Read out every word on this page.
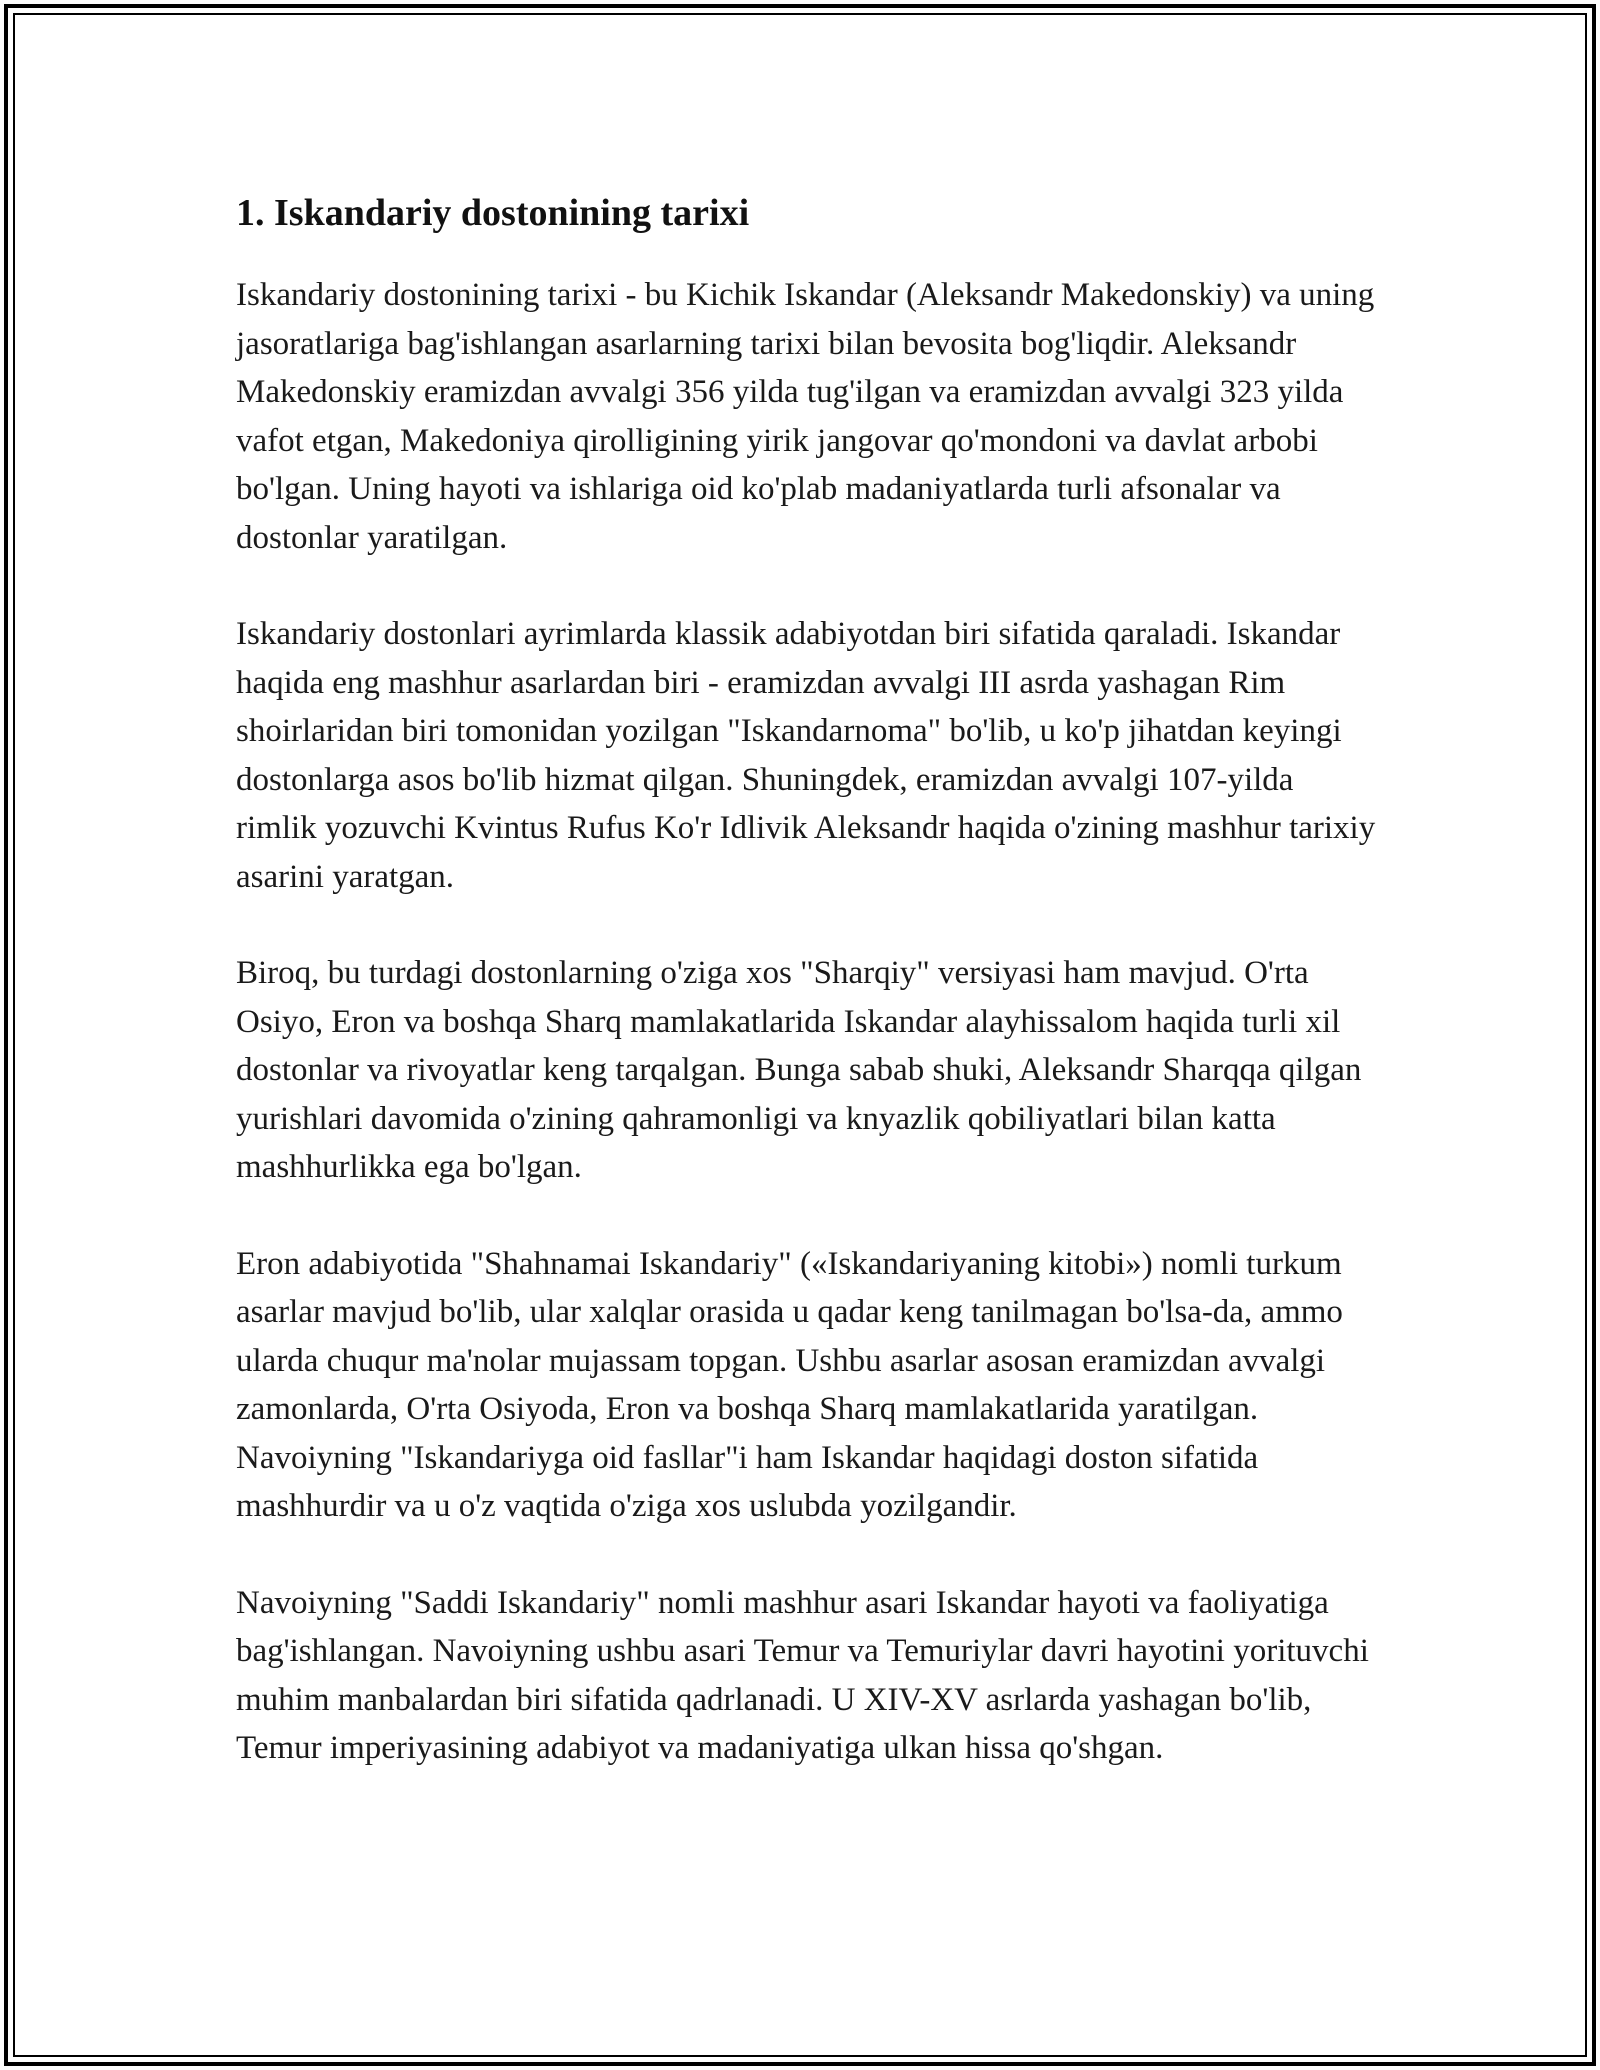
1. Iskandariy dostonining tarixi

Iskandariy dostonining tarixi - bu Kichik Iskandar (Aleksandr Makedonskiy) va uning jasoratlariga bag'ishlangan asarlarning tarixi bilan bevosita bog'liqdir. Aleksandr Makedonskiy eramizdan avvalgi 356 yilda tug'ilgan va eramizdan avvalgi 323 yilda vafot etgan, Makedoniya qirolligining yirik jangovar qo'mondoni va davlat arbobi bo'lgan. Uning hayoti va ishlariga oid ko'plab madaniyatlarda turli afsonalar va dostonlar yaratilgan.

Iskandariy dostonlari ayrimlarda klassik adabiyotdan biri sifatida qaraladi. Iskandar haqida eng mashhur asarlardan biri - eramizdan avvalgi III asrda yashagan Rim shoirlaridan biri tomonidan yozilgan "Iskandarnoma" bo'lib, u ko'p jihatdan keyingi dostonlarga asos bo'lib hizmat qilgan. Shuningdek, eramizdan avvalgi 107-yilda rimlik yozuvchi Kvintus Rufus Ko'r Idlivik Aleksandr haqida o'zining mashhur tarixiy asarini yaratgan.

Biroq, bu turdagi dostonlarning o'ziga xos "Sharqiy" versiyasi ham mavjud. O'rta Osiyo, Eron va boshqa Sharq mamlakatlarida Iskandar alayhissalom haqida turli xil dostonlar va rivoyatlar keng tarqalgan. Bunga sabab shuki, Aleksandr Sharqqa qilgan yurishlari davomida o'zining qahramonligi va knyazlik qobiliyatlari bilan katta mashhurlikka ega bo'lgan.

Eron adabiyotida "Shahnamai Iskandariy" («Iskandariyaning kitobi») nomli turkum asarlar mavjud bo'lib, ular xalqlar orasida u qadar keng tanilmagan bo'lsa-da, ammo ularda chuqur ma'nolar mujassam topgan. Ushbu asarlar asosan eramizdan avvalgi zamonlarda, O'rta Osiyoda, Eron va boshqa Sharq mamlakatlarida yaratilgan. Navoiyning "Iskandariyga oid fasllar"i ham Iskandar haqidagi doston sifatida mashhurdir va u o'z vaqtida o'ziga xos uslubda yozilgandir.

Navoiyning "Saddi Iskandariy" nomli mashhur asari Iskandar hayoti va faoliyatiga bag'ishlangan. Navoiyning ushbu asari Temur va Temuriylar davri hayotini yorituvchi muhim manbalardan biri sifatida qadrlanadi. U XIV-XV asrlarda yashagan bo'lib, Temur imperiyasining adabiyot va madaniyatiga ulkan hissa qo'shgan.
